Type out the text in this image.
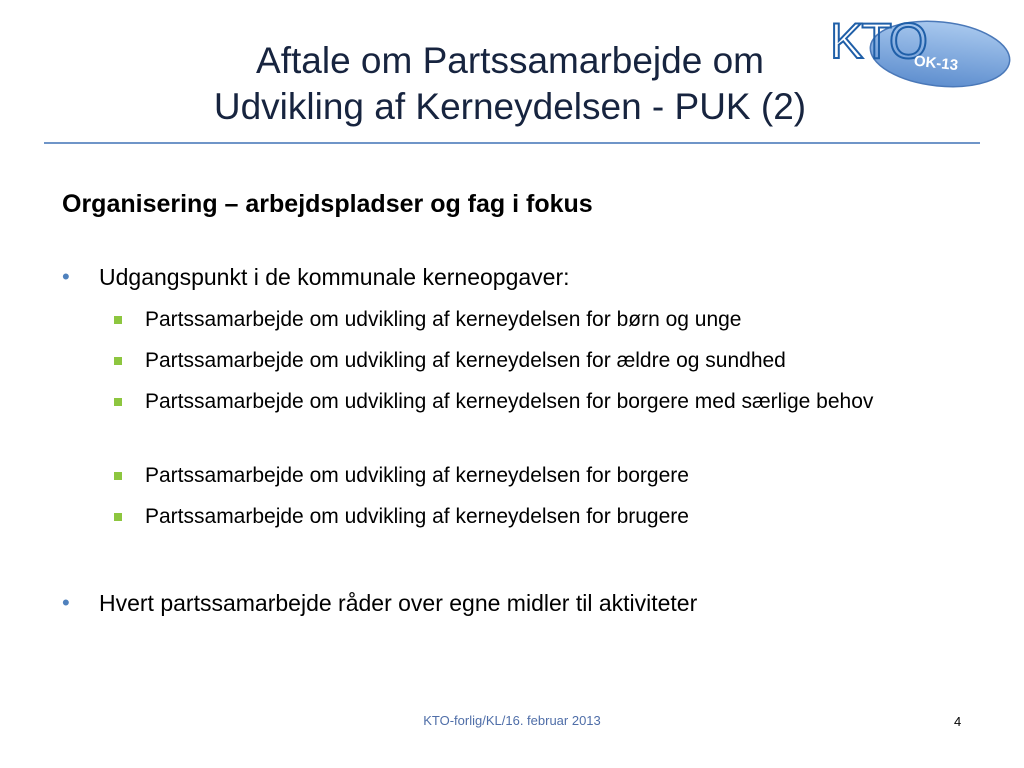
Aftale om Partssamarbejde om
Udvikling af Kerneydelsen - PUK (2)
KTO
OK-13
Organisering – arbejdspladser og fag i fokus
•	Udgangspunkt i de kommunale kerneopgaver:
Partssamarbejde om udvikling af kerneydelsen for børn og unge
Partssamarbejde om udvikling af kerneydelsen for ældre og sundhed
Partssamarbejde om udvikling af kerneydelsen for borgere med særlige behov
Partssamarbejde om udvikling af kerneydelsen for borgere
Partssamarbejde om udvikling af kerneydelsen for brugere
•	Hvert partssamarbejde råder over egne midler til aktiviteter
KTO-forlig/KL/16. februar 2013	4
